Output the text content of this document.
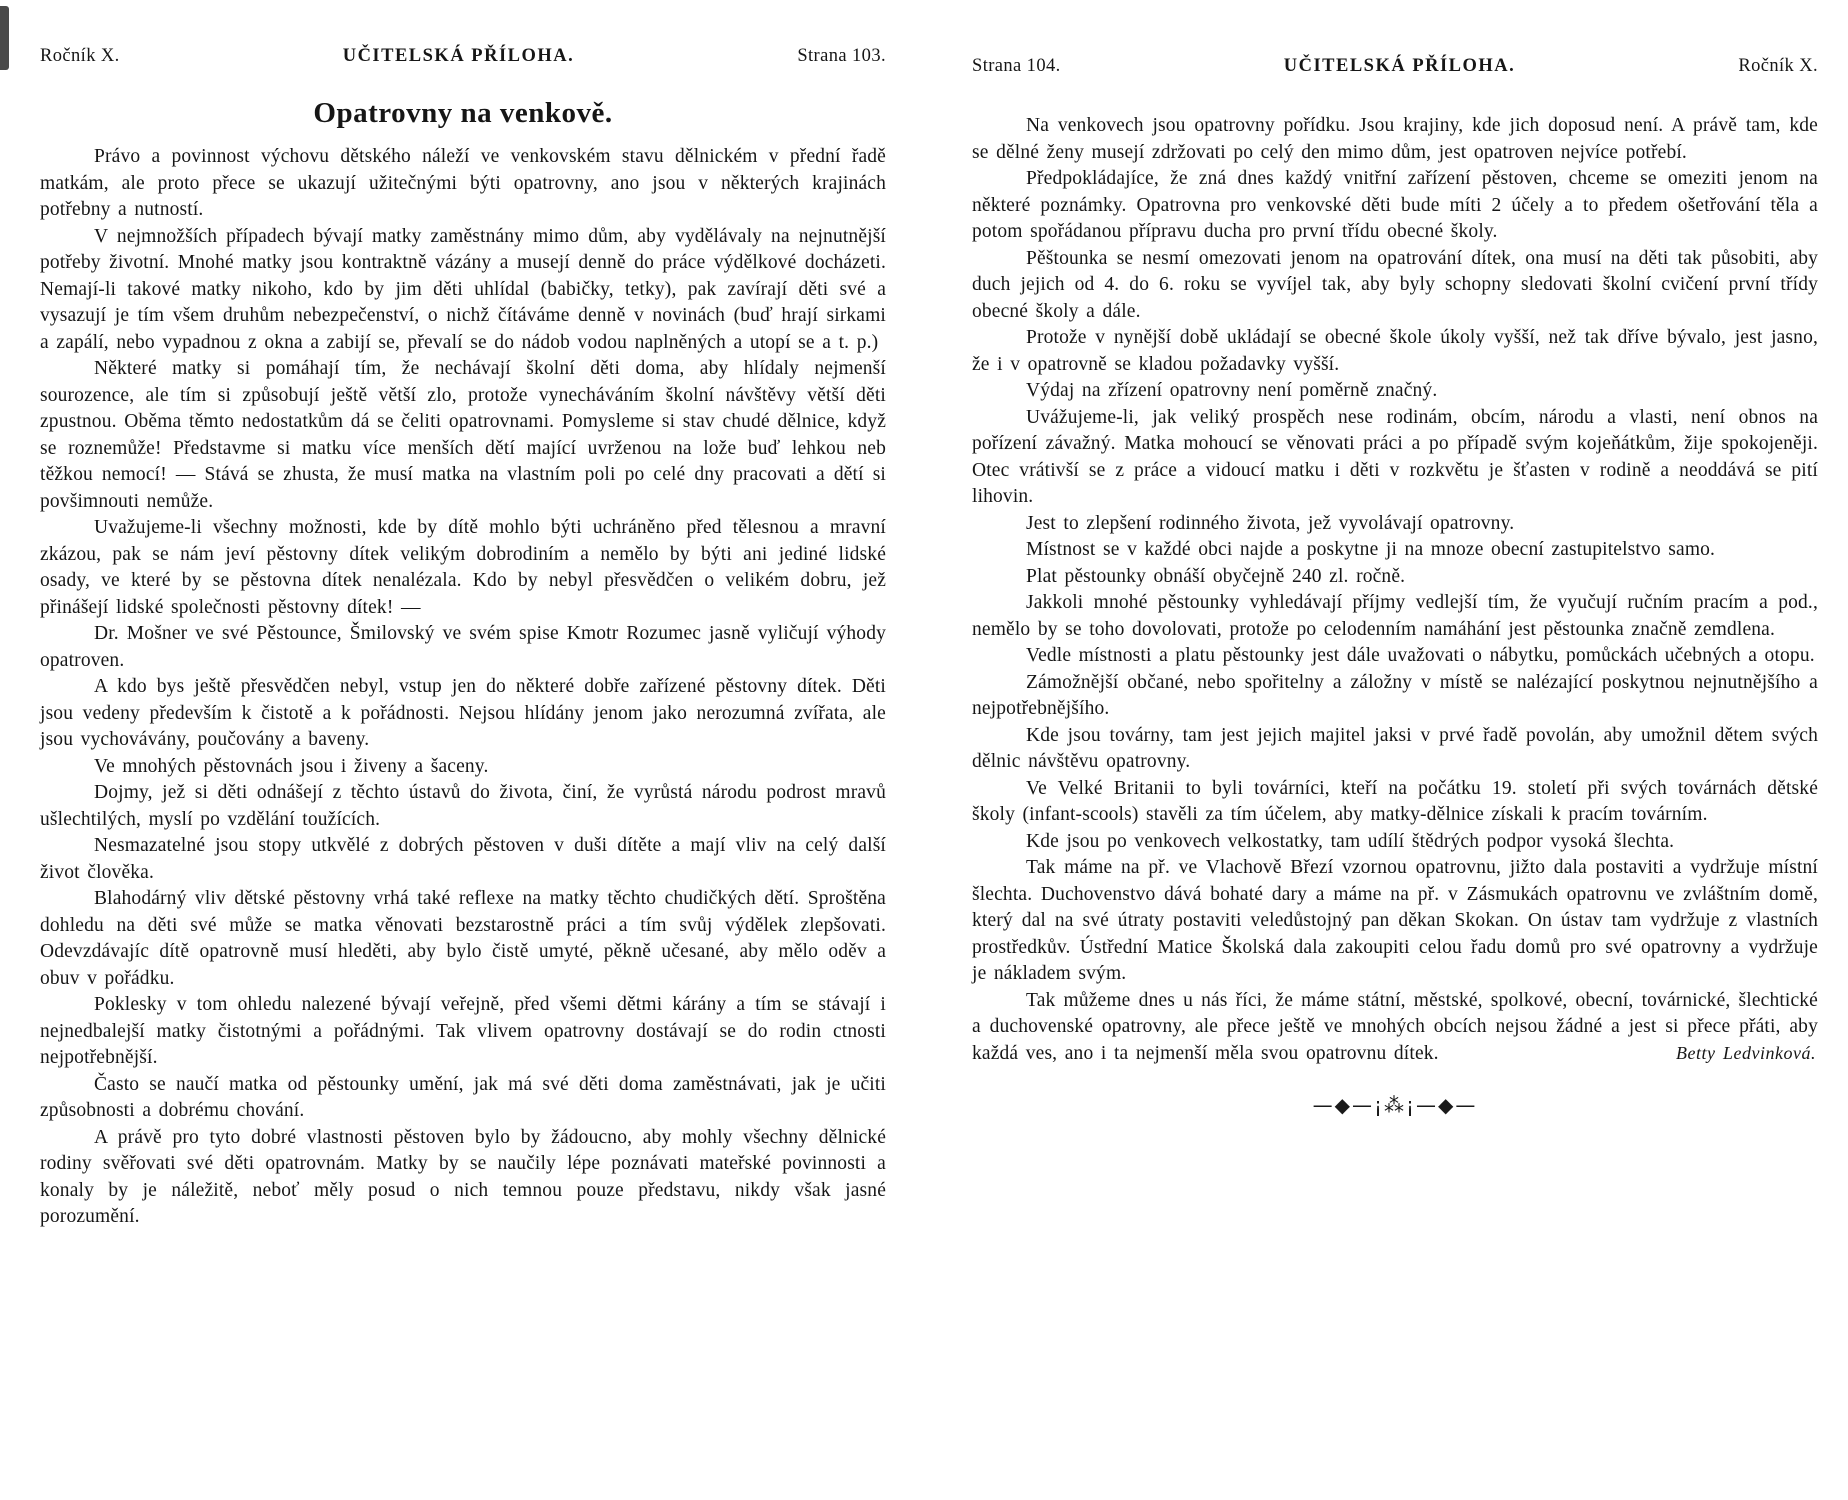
Ročník X.	UČITELSKÁ PŘÍLOHA.	Strana 103.
Opatrovny na venkově.

Právo a povinnost výchovu dětského náleží ve venkovském stavu dělnickém v přední řadě matkám, ale proto přece se ukazují užitečnými býti opatrovny, ano jsou v některých krajinách potřebny a nutností.

V nejmnožších případech bývají matky zaměstnány mimo dům, aby vydělávaly na nejnutnější potřeby životní. Mnohé matky jsou kontraktně vázány a musejí denně do práce výdělkové docházeti. Nemají-li takové matky nikoho, kdo by jim děti uhlídal (babičky, tetky), pak zavírají děti své a vysazují je tím všem druhům nebezpečenství, o nichž čítáváme denně v novinách (buď hrají sirkami a zapálí, nebo vypadnou z okna a zabijí se, převalí se do nádob vodou naplněných a utopí se a t. p.)

Některé matky si pomáhají tím, že nechávají školní děti doma, aby hlídaly nejmenší sourozence, ale tím si způsobují ještě větší zlo, protože vynecháváním školní návštěvy větší děti zpustnou. Oběma těmto nedostatkům dá se čeliti opatrovnami. Pomysleme si stav chudé dělnice, když se roznemůže! Představme si matku více menších dětí mající uvrženou na lože buď lehkou neb těžkou nemocí! — Stává se zhusta, že musí matka na vlastním poli po celé dny pracovati a dětí si povšimnouti nemůže.

Uvažujeme-li všechny možnosti, kde by dítě mohlo býti uchráněno před tělesnou a mravní zkázou, pak se nám jeví pěstovny dítek velikým dobrodiním a nemělo by býti ani jediné lidské osady, ve které by se pěstovna dítek nenalézala. Kdo by nebyl přesvědčen o velikém dobru, jež přinášejí lidské společnosti pěstovny dítek! —

Dr. Mošner ve své Pěstounce, Šmilovský ve svém spise Kmotr Rozumec jasně vyličují výhody opatroven.

A kdo bys ještě přesvědčen nebyl, vstup jen do některé dobře zařízené pěstovny dítek. Děti jsou vedeny především k čistotě a k pořádnosti. Nejsou hlídány jenom jako nerozumná zvířata, ale jsou vychovávány, poučovány a baveny.

Ve mnohých pěstovnách jsou i živeny a šaceny.

Dojmy, jež si děti odnášejí z těchto ústavů do života, činí, že vyrůstá národu podrost mravů ušlechtilých, myslí po vzdělání toužících.

Nesmazatelné jsou stopy utkvělé z dobrých pěstoven v duši dítěte a mají vliv na celý další život člověka.

Blahodárný vliv dětské pěstovny vrhá také reflexe na matky těchto chudičkých dětí. Sproštěna dohledu na děti své může se matka věnovati bezstarostně práci a tím svůj výdělek zlepšovati. Odevzdávajíc dítě opatrovně musí hleděti, aby bylo čistě umyté, pěkně učesané, aby mělo oděv a obuv v pořádku.

Poklesky v tom ohledu nalezené bývají veřejně, před všemi dětmi kárány a tím se stávají i nejnedbalejší matky čistotnými a pořádnými. Tak vlivem opatrovny dostávají se do rodin ctnosti nejpotřebnější.

Často se naučí matka od pěstounky umění, jak má své děti doma zaměstnávati, jak je učiti způsobnosti a dobrému chování.

A právě pro tyto dobré vlastnosti pěstoven bylo by žádoucno, aby mohly všechny dělnické rodiny svěřovati své děti opatrovnám. Matky by se naučily lépe poznávati mateřské povinnosti a konaly by je náležitě, neboť měly posud o nich temnou pouze představu, nikdy však jasné porozumění.

Strana 104.	UČITELSKÁ PŘÍLOHA.	Ročník X.

Na venkovech jsou opatrovny pořídku. Jsou krajiny, kde jich doposud není. A právě tam, kde se dělné ženy musejí zdržovati po celý den mimo dům, jest opatroven nejvíce potřebí.

Předpokládajíce, že zná dnes každý vnitřní zařízení pěstoven, chceme se omeziti jenom na některé poznámky. Opatrovna pro venkovské děti bude míti 2 účely a to předem ošetřování těla a potom spořádanou přípravu ducha pro první třídu obecné školy.

Pěštounka se nesmí omezovati jenom na opatrování dítek, ona musí na děti tak působiti, aby duch jejich od 4. do 6. roku se vyvíjel tak, aby byly schopny sledovati školní cvičení první třídy obecné školy a dále.

Protože v nynější době ukládají se obecné škole úkoly vyšší, než tak dříve bývalo, jest jasno, že i v opatrovně se kladou požadavky vyšší.

Výdaj na zřízení opatrovny není poměrně značný.

Uvážujeme-li, jak veliký prospěch nese rodinám, obcím, národu a vlasti, není obnos na pořízení závažný. Matka mohoucí se věnovati práci a po případě svým kojeňátkům, žije spokojeněji. Otec vrátivší se z práce a vidoucí matku i děti v rozkvětu je šťasten v rodině a neoddává se pití lihovin.

Jest to zlepšení rodinného života, jež vyvolávají opatrovny.

Místnost se v každé obci najde a poskytne ji na mnoze obecní zastupitelstvo samo.

Plat pěstounky obnáší obyčejně 240 zl. ročně.

Jakkoli mnohé pěstounky vyhledávají příjmy vedlejší tím, že vyučují ručním pracím a pod., nemělo by se toho dovolovati, protože po celodenním namáhání jest pěstounka značně zemdlena.

Vedle místnosti a platu pěstounky jest dále uvažovati o nábytku, pomůckách učebných a otopu.

Zámožnější občané, nebo spořitelny a záložny v místě se nalézající poskytnou nejnutnějšího a nejpotřebnějšího.

Kde jsou továrny, tam jest jejich majitel jaksi v prvé řadě povolán, aby umožnil dětem svých dělnic návštěvu opatrovny.

Ve Velké Britanii to byli továrníci, kteří na počátku 19. století při svých továrnách dětské školy (infant-scools) stavěli za tím účelem, aby matky-dělnice získali k pracím továrním.

Kde jsou po venkovech velkostatky, tam udílí štědrých podpor vysoká šlechta.

Tak máme na př. ve Vlachově Březí vzornou opatrovnu, jižto dala postaviti a vydržuje místní šlechta. Duchovenstvo dává bohaté dary a máme na př. v Zásmukách opatrovnu ve zvláštním domě, který dal na své útraty postaviti veledůstojný pan děkan Skokan. On ústav tam vydržuje z vlastních prostředkův. Ústřední Matice Školská dala zakoupiti celou řadu domů pro své opatrovny a vydržuje je nákladem svým.

Tak můžeme dnes u nás říci, že máme státní, městské, spolkové, obecní, továrnické, šlechtické a duchovenské opatrovny, ale přece ještě ve mnohých obcích nejsou žádné a jest si přece přáti, aby každá ves, ano i ta nejmenší měla svou opatrovnu dítek.	Betty Ledvinková.

—◆—¡⁂¡—◆—
